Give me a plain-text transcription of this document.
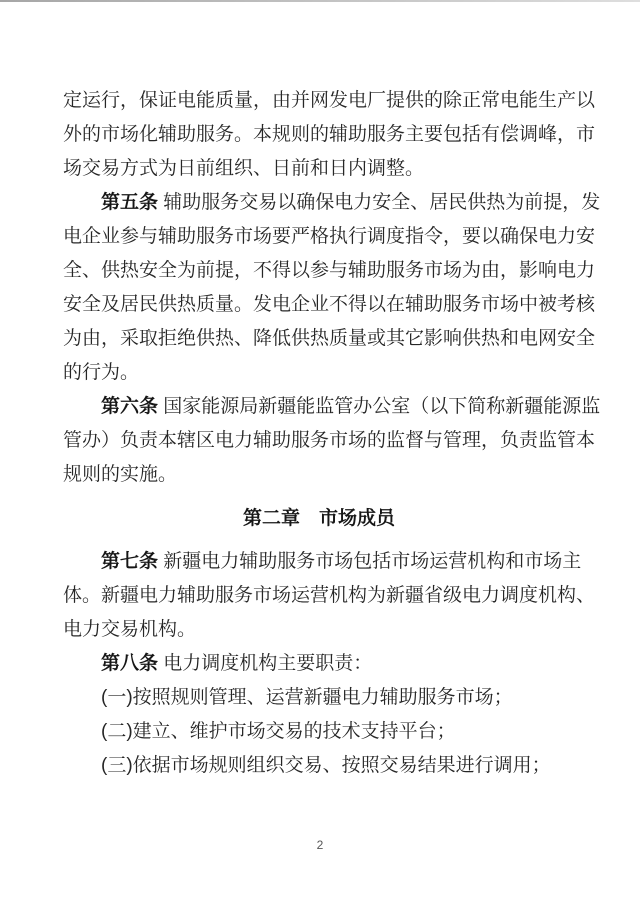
定运行，保证电能质量，由并网发电厂提供的除正常电能生产以
外的市场化辅助服务。本规则的辅助服务主要包括有偿调峰，市
场交易方式为日前组织、日前和日内调整。
第五条 辅助服务交易以确保电力安全、居民供热为前提，发
电企业参与辅助服务市场要严格执行调度指令，要以确保电力安
全、供热安全为前提，不得以参与辅助服务市场为由，影响电力
安全及居民供热质量。发电企业不得以在辅助服务市场中被考核
为由，采取拒绝供热、降低供热质量或其它影响供热和电网安全
的行为。
第六条 国家能源局新疆能监管办公室（以下简称新疆能源监
管办）负责本辖区电力辅助服务市场的监督与管理，负责监管本
规则的实施。
第二章　市场成员
第七条 新疆电力辅助服务市场包括市场运营机构和市场主
体。新疆电力辅助服务市场运营机构为新疆省级电力调度机构、
电力交易机构。
第八条 电力调度机构主要职责：
(一)按照规则管理、运营新疆电力辅助服务市场；
(二)建立、维护市场交易的技术支持平台；
(三)依据市场规则组织交易、按照交易结果进行调用；
2
